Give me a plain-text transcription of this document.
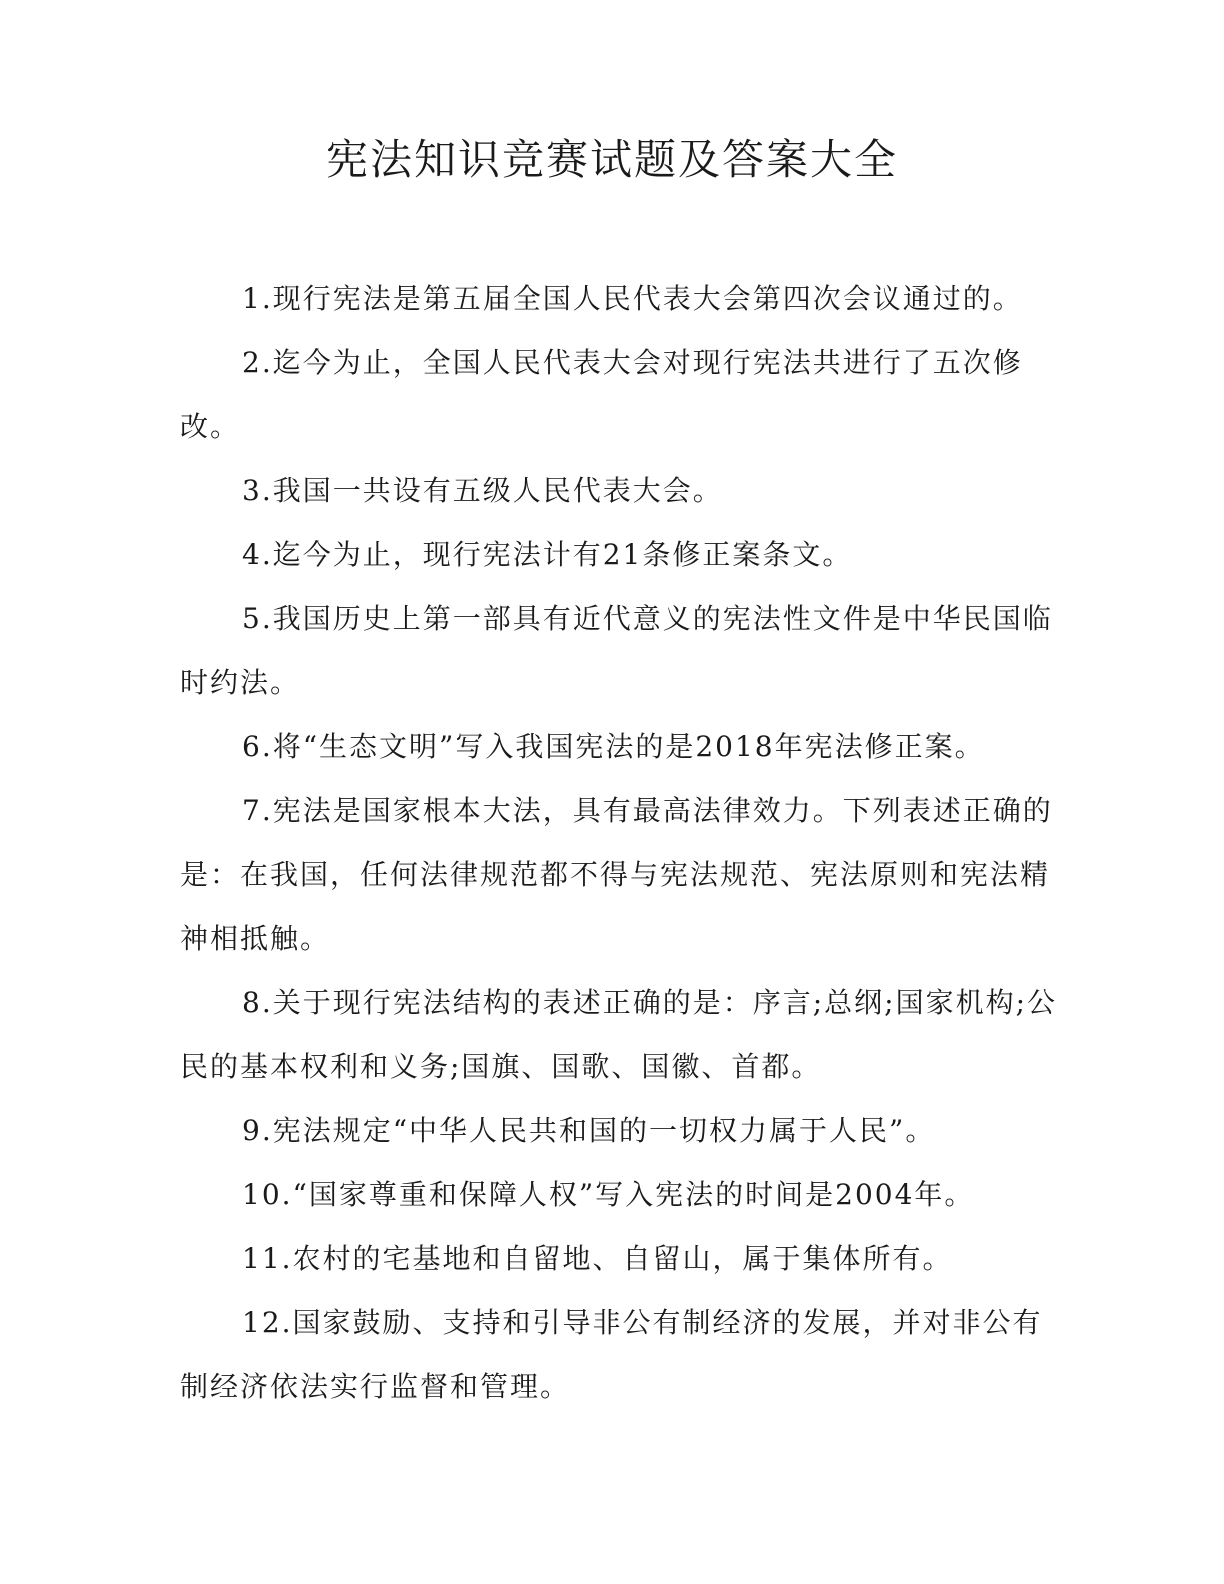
宪法知识竞赛试题及答案大全

1.现行宪法是第五届全国人民代表大会第四次会议通过的。

2.迄今为止，全国人民代表大会对现行宪法共进行了五次修改。

3.我国一共设有五级人民代表大会。

4.迄今为止，现行宪法计有21条修正案条文。

5.我国历史上第一部具有近代意义的宪法性文件是中华民国临时约法。

6.将“生态文明”写入我国宪法的是2018年宪法修正案。

7.宪法是国家根本大法，具有最高法律效力。下列表述正确的是：在我国，任何法律规范都不得与宪法规范、宪法原则和宪法精神相抵触。

8.关于现行宪法结构的表述正确的是：序言;总纲;国家机构;公民的基本权利和义务;国旗、国歌、国徽、首都。

9.宪法规定“中华人民共和国的一切权力属于人民”。

10.“国家尊重和保障人权”写入宪法的时间是2004年。

11.农村的宅基地和自留地、自留山，属于集体所有。

12.国家鼓励、支持和引导非公有制经济的发展，并对非公有制经济依法实行监督和管理。
